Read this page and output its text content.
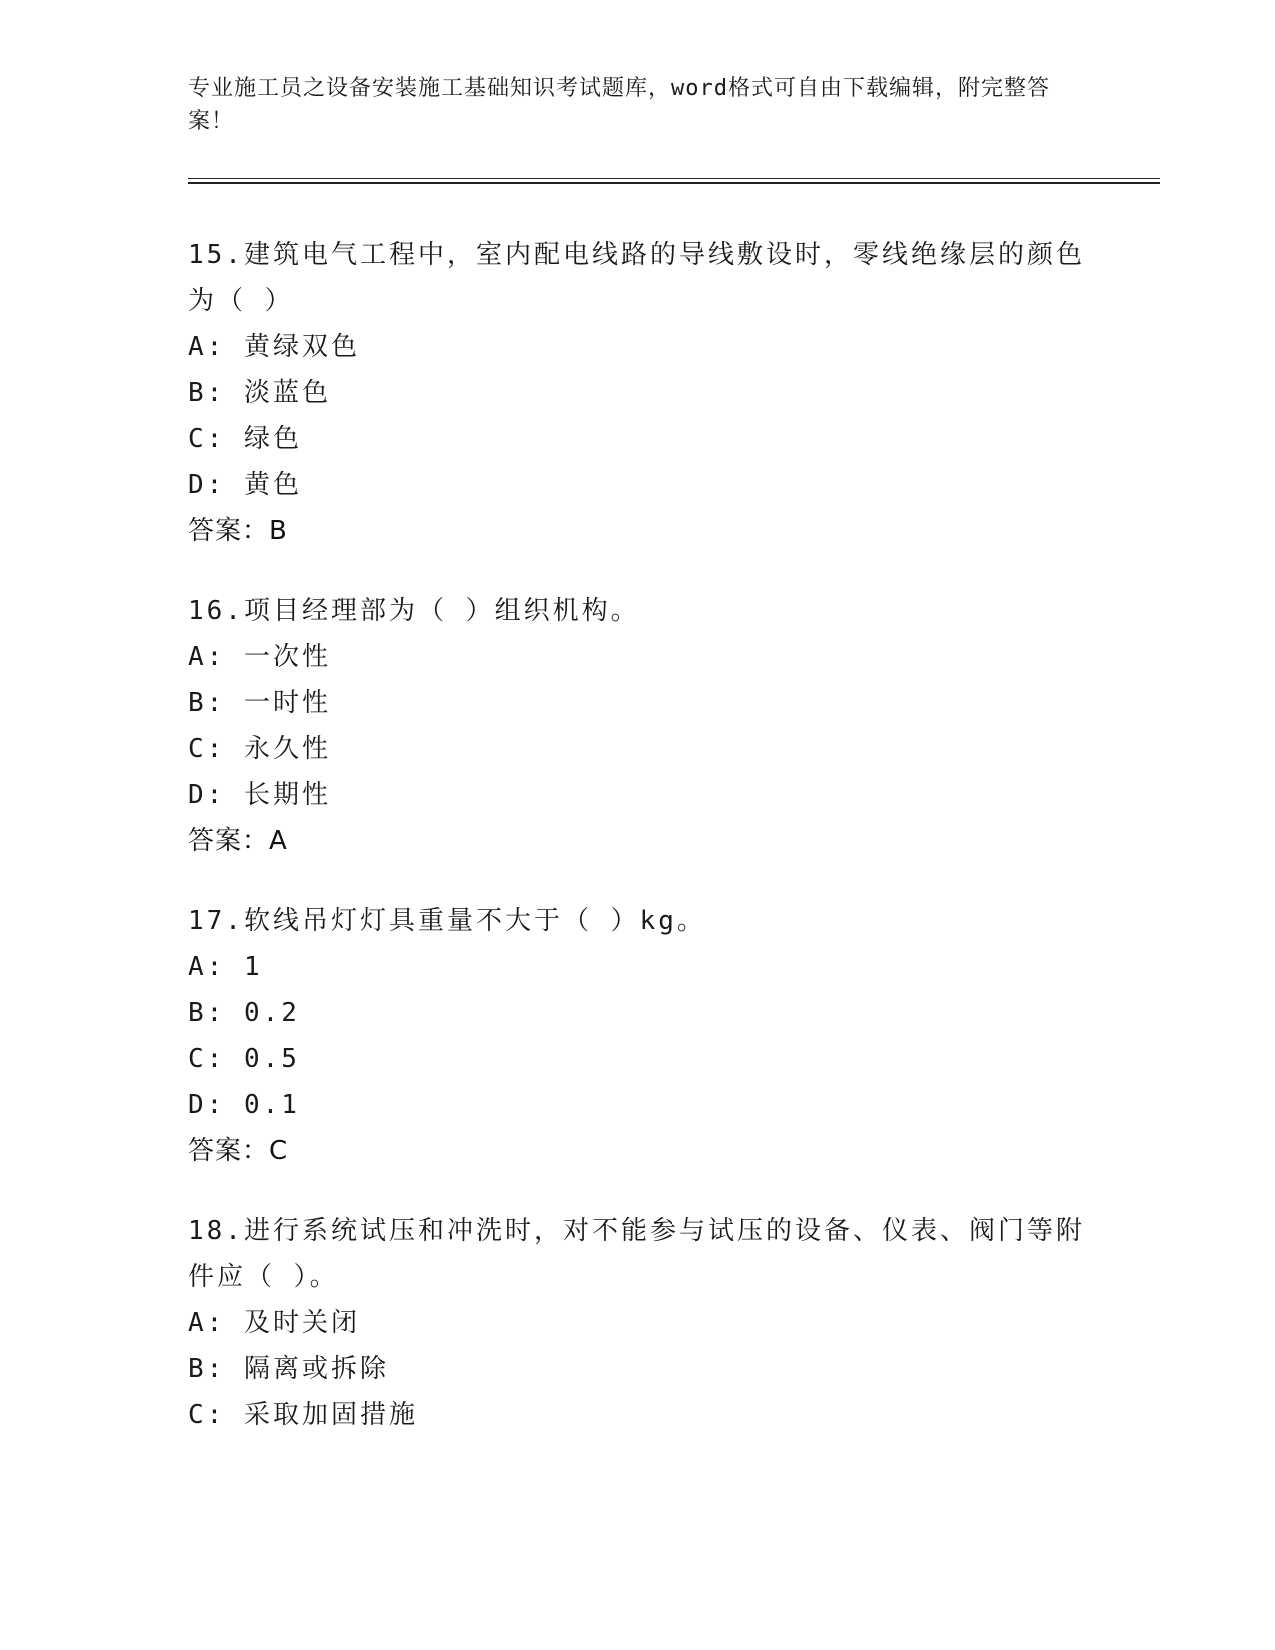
专业施工员之设备安装施工基础知识考试题库，word格式可自由下载编辑，附完整答案！
15.建筑电气工程中，室内配电线路的导线敷设时，零线绝缘层的颜色为（ ）
A: 黄绿双色
B: 淡蓝色
C: 绿色
D: 黄色
答案：B
16.项目经理部为（ ）组织机构。
A: 一次性
B: 一时性
C: 永久性
D: 长期性
答案：A
17.软线吊灯灯具重量不大于（ ）kg。
A: 1
B: 0.2
C: 0.5
D: 0.1
答案：C
18.进行系统试压和冲洗时，对不能参与试压的设备、仪表、阀门等附件应（ ）。
A: 及时关闭
B: 隔离或拆除
C: 采取加固措施
